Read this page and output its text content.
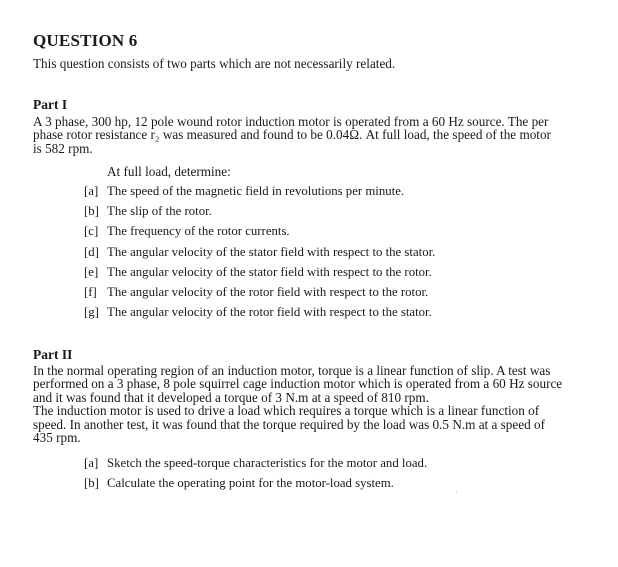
QUESTION 6
This question consists of two parts which are not necessarily related.
Part I
A 3 phase, 300 hp, 12 pole wound rotor induction motor is operated from a 60 Hz source. The per
phase rotor resistance r₂ was measured and found to be 0.04Ω. At full load, the speed of the motor
is 582 rpm.
At full load, determine:
[a] The speed of the magnetic field in revolutions per minute.
[b] The slip of the rotor.
[c] The frequency of the rotor currents.
[d] The angular velocity of the stator field with respect to the stator.
[e] The angular velocity of the stator field with respect to the rotor.
[f] The angular velocity of the rotor field with respect to the rotor.
[g] The angular velocity of the rotor field with respect to the stator.
Part II
In the normal operating region of an induction motor, torque is a linear function of slip. A test was
performed on a 3 phase, 8 pole squirrel cage induction motor which is operated from a 60 Hz source
and it was found that it developed a torque of 3 N.m at a speed of 810 rpm.
The induction motor is used to drive a load which requires a torque which is a linear function of
speed. In another test, it was found that the torque required by the load was 0.5 N.m at a speed of
435 rpm.
[a] Sketch the speed-torque characteristics for the motor and load.
[b] Calculate the operating point for the motor-load system.
